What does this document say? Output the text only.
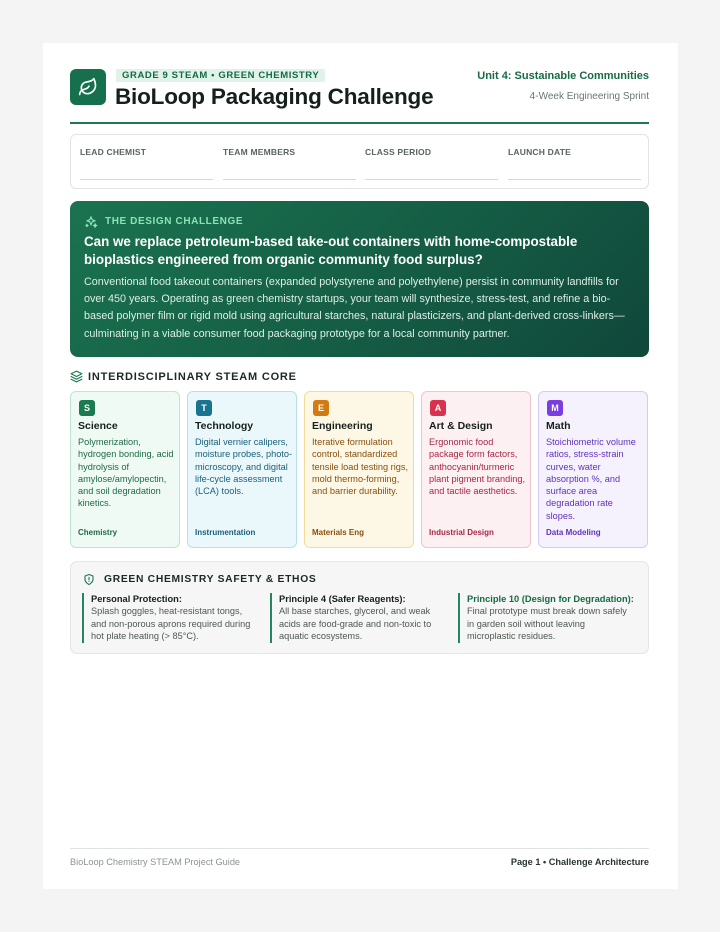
GRADE 9 STEAM • GREEN CHEMISTRY
BioLoop Packaging Challenge
Unit 4: Sustainable Communities
4-Week Engineering Sprint
LEAD CHEMIST	TEAM MEMBERS	CLASS PERIOD	LAUNCH DATE
THE DESIGN CHALLENGE
Can we replace petroleum-based take-out containers with home-compostable bioplastics engineered from organic community food surplus?
Conventional food takeout containers (expanded polystyrene and polyethylene) persist in community landfills for over 450 years. Operating as green chemistry startups, your team will synthesize, stress-test, and refine a bio-based polymer film or rigid mold using agricultural starches, natural plasticizers, and plant-derived cross-linkers—culminating in a viable consumer food packaging prototype for a local community partner.
INTERDISCIPLINARY STEAM CORE
S
Science
Polymerization, hydrogen bonding, acid hydrolysis of amylose/amylopectin, and soil degradation kinetics.
Chemistry
T
Technology
Digital vernier calipers, moisture probes, photo-microscopy, and digital life-cycle assessment (LCA) tools.
Instrumentation
E
Engineering
Iterative formulation control, standardized tensile load testing rigs, mold thermo-forming, and barrier durability.
Materials Eng
A
Art & Design
Ergonomic food package form factors, anthocyanin/turmeric plant pigment branding, and tactile aesthetics.
Industrial Design
M
Math
Stoichiometric volume ratios, stress-strain curves, water absorption %, and surface area degradation rate slopes.
Data Modeling
GREEN CHEMISTRY SAFETY & ETHOS
Personal Protection:
Splash goggles, heat-resistant tongs, and non-porous aprons required during hot plate heating (> 85°C).
Principle 4 (Safer Reagents):
All base starches, glycerol, and weak acids are food-grade and non-toxic to aquatic ecosystems.
Principle 10 (Design for Degradation):
Final prototype must break down safely in garden soil without leaving microplastic residues.
BioLoop Chemistry STEAM Project Guide	Page 1 • Challenge Architecture
